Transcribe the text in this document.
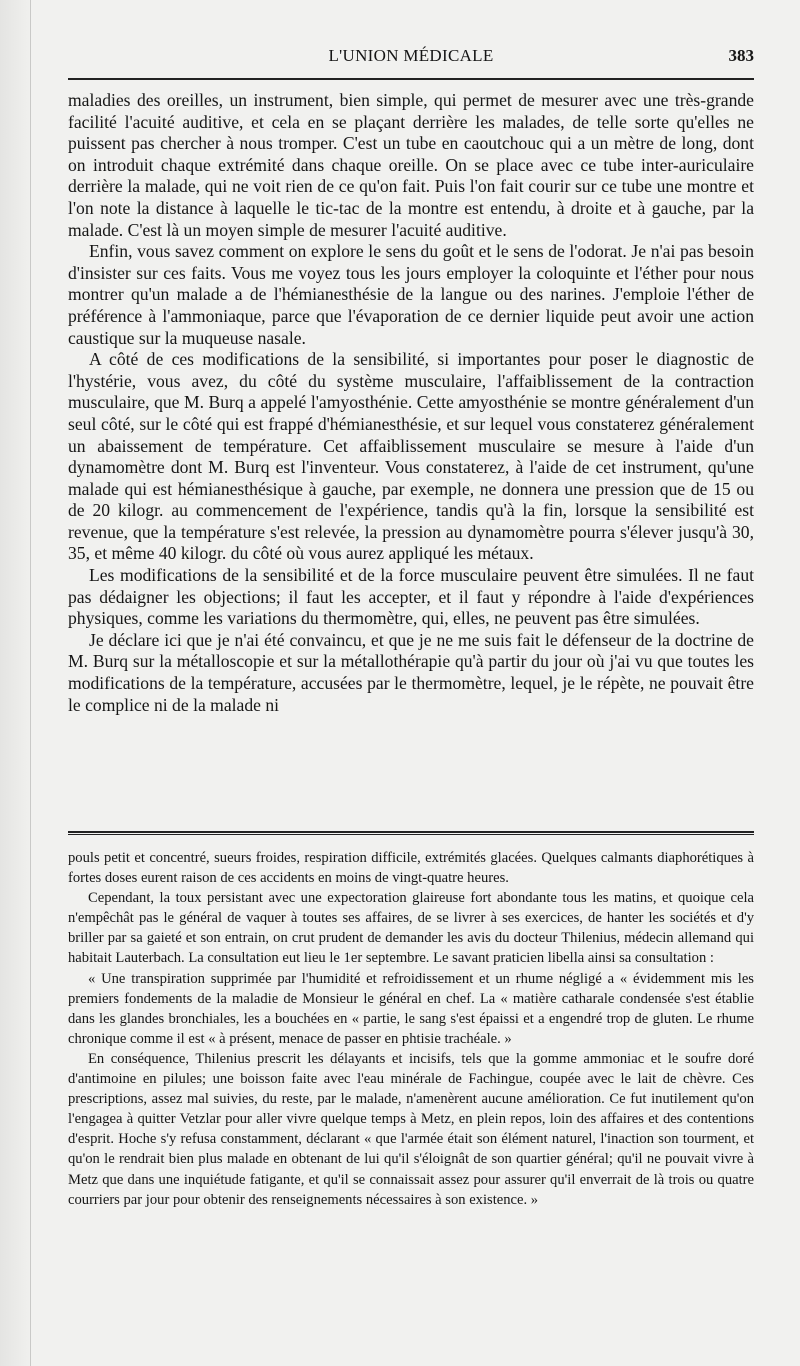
L'UNION MÉDICALE	383

maladies des oreilles, un instrument, bien simple, qui permet de mesurer avec une très-grande facilité l'acuité auditive, et cela en se plaçant derrière les malades, de telle sorte qu'elles ne puissent pas chercher à nous tromper. C'est un tube en caoutchouc qui a un mètre de long, dont on introduit chaque extrémité dans chaque oreille. On se place avec ce tube inter-auriculaire derrière la malade, qui ne voit rien de ce qu'on fait. Puis l'on fait courir sur ce tube une montre et l'on note la distance à laquelle le tic-tac de la montre est entendu, à droite et à gauche, par la malade. C'est là un moyen simple de mesurer l'acuité auditive.

Enfin, vous savez comment on explore le sens du goût et le sens de l'odorat. Je n'ai pas besoin d'insister sur ces faits. Vous me voyez tous les jours employer la coloquinte et l'éther pour nous montrer qu'un malade a de l'hémianesthésie de la langue ou des narines. J'emploie l'éther de préférence à l'ammoniaque, parce que l'évaporation de ce dernier liquide peut avoir une action caustique sur la muqueuse nasale.

A côté de ces modifications de la sensibilité, si importantes pour poser le diagnostic de l'hystérie, vous avez, du côté du système musculaire, l'affaiblissement de la contraction musculaire, que M. Burq a appelé l'amyosthénie. Cette amyosthénie se montre généralement d'un seul côté, sur le côté qui est frappé d'hémianesthésie, et sur lequel vous constaterez généralement un abaissement de température. Cet affaiblissement musculaire se mesure à l'aide d'un dynamomètre dont M. Burq est l'inventeur. Vous constaterez, à l'aide de cet instrument, qu'une malade qui est hémianesthésique à gauche, par exemple, ne donnera une pression que de 15 ou de 20 kilogr. au commencement de l'expérience, tandis qu'à la fin, lorsque la sensibilité est revenue, que la température s'est relevée, la pression au dynamomètre pourra s'élever jusqu'à 30, 35, et même 40 kilogr. du côté où vous aurez appliqué les métaux.

Les modifications de la sensibilité et de la force musculaire peuvent être simulées. Il ne faut pas dédaigner les objections; il faut les accepter, et il faut y répondre à l'aide d'expériences physiques, comme les variations du thermomètre, qui, elles, ne peuvent pas être simulées.

Je déclare ici que je n'ai été convaincu, et que je ne me suis fait le défenseur de la doctrine de M. Burq sur la métalloscopie et sur la métallothérapie qu'à partir du jour où j'ai vu que toutes les modifications de la température, accusées par le thermomètre, lequel, je le répète, ne pouvait être le complice ni de la malade ni

pouls petit et concentré, sueurs froides, respiration difficile, extrémités glacées. Quelques calmants diaphorétiques à fortes doses eurent raison de ces accidents en moins de vingt-quatre heures.

Cependant, la toux persistant avec une expectoration glaireuse fort abondante tous les matins, et quoique cela n'empêchât pas le général de vaquer à toutes ses affaires, de se livrer à ses exercices, de hanter les sociétés et d'y briller par sa gaieté et son entrain, on crut prudent de demander les avis du docteur Thilenius, médecin allemand qui habitait Lauterbach. La consultation eut lieu le 1er septembre. Le savant praticien libella ainsi sa consultation :

« Une transpiration supprimée par l'humidité et refroidissement et un rhume négligé a « évidemment mis les premiers fondements de la maladie de Monsieur le général en chef. La « matière catharale condensée s'est établie dans les glandes bronchiales, les a bouchées en « partie, le sang s'est épaissi et a engendré trop de gluten. Le rhume chronique comme il est « à présent, menace de passer en phtisie trachéale. »

En conséquence, Thilenius prescrit les délayants et incisifs, tels que la gomme ammoniac et le soufre doré d'antimoine en pilules; une boisson faite avec l'eau minérale de Fachingue, coupée avec le lait de chèvre. Ces prescriptions, assez mal suivies, du reste, par le malade, n'amenèrent aucune amélioration. Ce fut inutilement qu'on l'engagea à quitter Vetzlar pour aller vivre quelque temps à Metz, en plein repos, loin des affaires et des contentions d'esprit. Hoche s'y refusa constamment, déclarant « que l'armée était son élément naturel, l'inaction son tourment, et qu'on le rendrait bien plus malade en obtenant de lui qu'il s'éloignât de son quartier général; qu'il ne pouvait vivre à Metz que dans une inquiétude fatigante, et qu'il se connaissait assez pour assurer qu'il enverrait de là trois ou quatre courriers par jour pour obtenir des renseignements nécessaires à son existence. »
